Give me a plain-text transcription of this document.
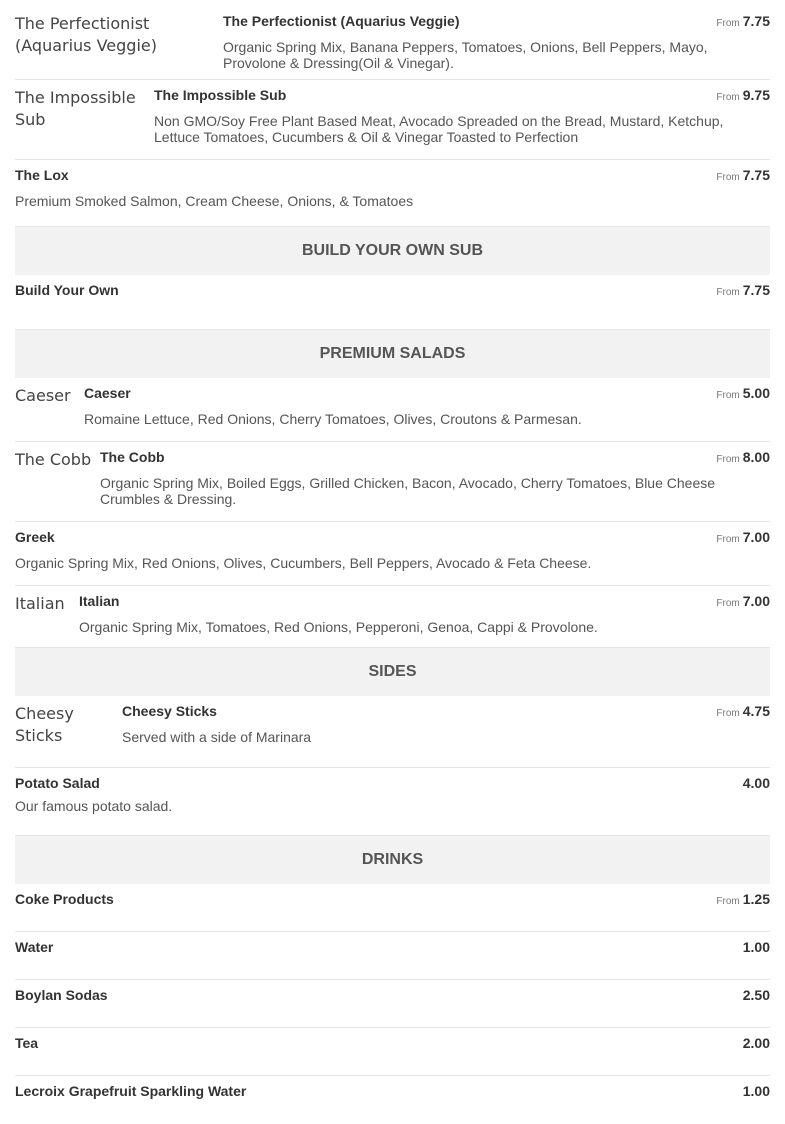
The Perfectionist (Aquarius Veggie)
The Perfectionist (Aquarius Veggie)	From 7.75
Organic Spring Mix, Banana Peppers, Tomatoes, Onions, Bell Peppers, Mayo, Provolone & Dressing(Oil & Vinegar).
The Impossible Sub
The Impossible Sub	From 9.75
Non GMO/Soy Free Plant Based Meat, Avocado Spreaded on the Bread, Mustard, Ketchup, Lettuce Tomatoes, Cucumbers & Oil & Vinegar Toasted to Perfection
The Lox	From 7.75
Premium Smoked Salmon, Cream Cheese, Onions, & Tomatoes
BUILD YOUR OWN SUB
Build Your Own	From 7.75
PREMIUM SALADS
Caeser Caeser	From 5.00
Romaine Lettuce, Red Onions, Cherry Tomatoes, Olives, Croutons & Parmesan.
The Cobb The Cobb	From 8.00
Organic Spring Mix, Boiled Eggs, Grilled Chicken, Bacon, Avocado, Cherry Tomatoes, Blue Cheese Crumbles & Dressing.
Greek	From 7.00
Organic Spring Mix, Red Onions, Olives, Cucumbers, Bell Peppers, Avocado & Feta Cheese.
Italian	Italian	From 7.00
Organic Spring Mix, Tomatoes, Red Onions, Pepperoni, Genoa, Cappi & Provolone.
SIDES
Cheesy Sticks
Cheesy Sticks	From 4.75
Served with a side of Marinara
Potato Salad	4.00
Our famous potato salad.
DRINKS
Coke Products	From 1.25
Water	1.00
Boylan Sodas	2.50
Tea	2.00
Lecroix Grapefruit Sparkling Water	1.00
